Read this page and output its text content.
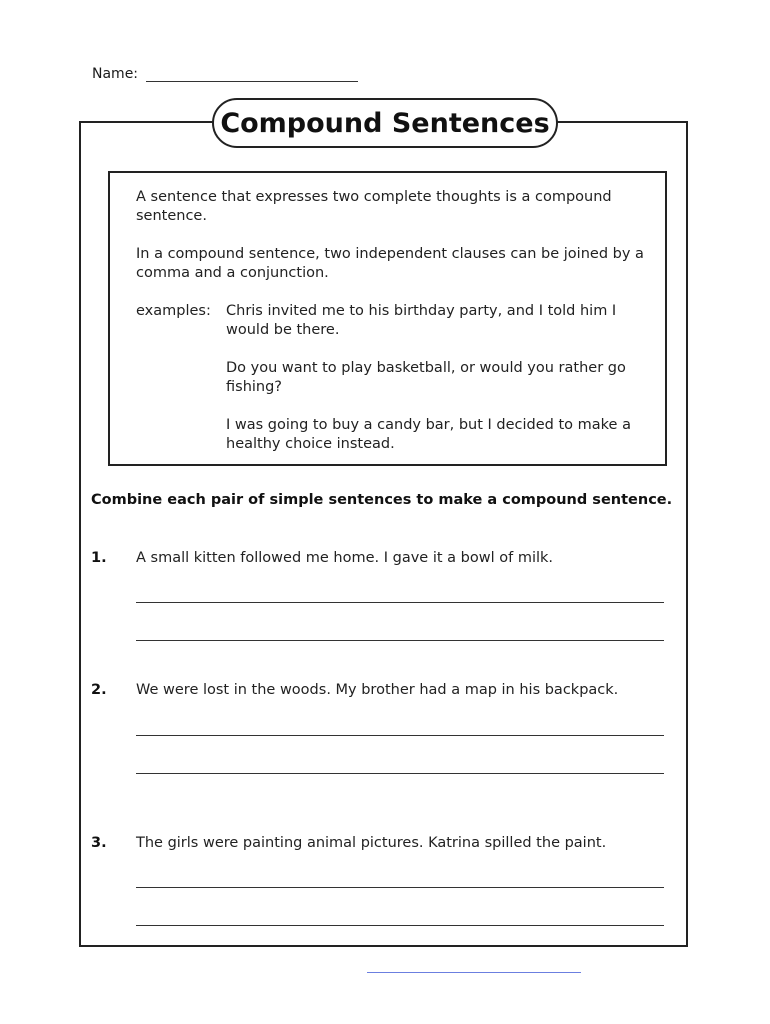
Name:
Compound Sentences
A sentence that expresses two complete thoughts is a compound sentence.
In a compound sentence, two independent clauses can be joined by a comma and a conjunction.
examples: Chris invited me to his birthday party, and I told him I would be there.
Do you want to play basketball, or would you rather go fishing?
I was going to buy a candy bar, but I decided to make a healthy choice instead.
Combine each pair of simple sentences to make a compound sentence.
1. A small kitten followed me home. I gave it a bowl of milk.
2. We were lost in the woods. My brother had a map in his backpack.
3. The girls were painting animal pictures. Katrina spilled the paint.
